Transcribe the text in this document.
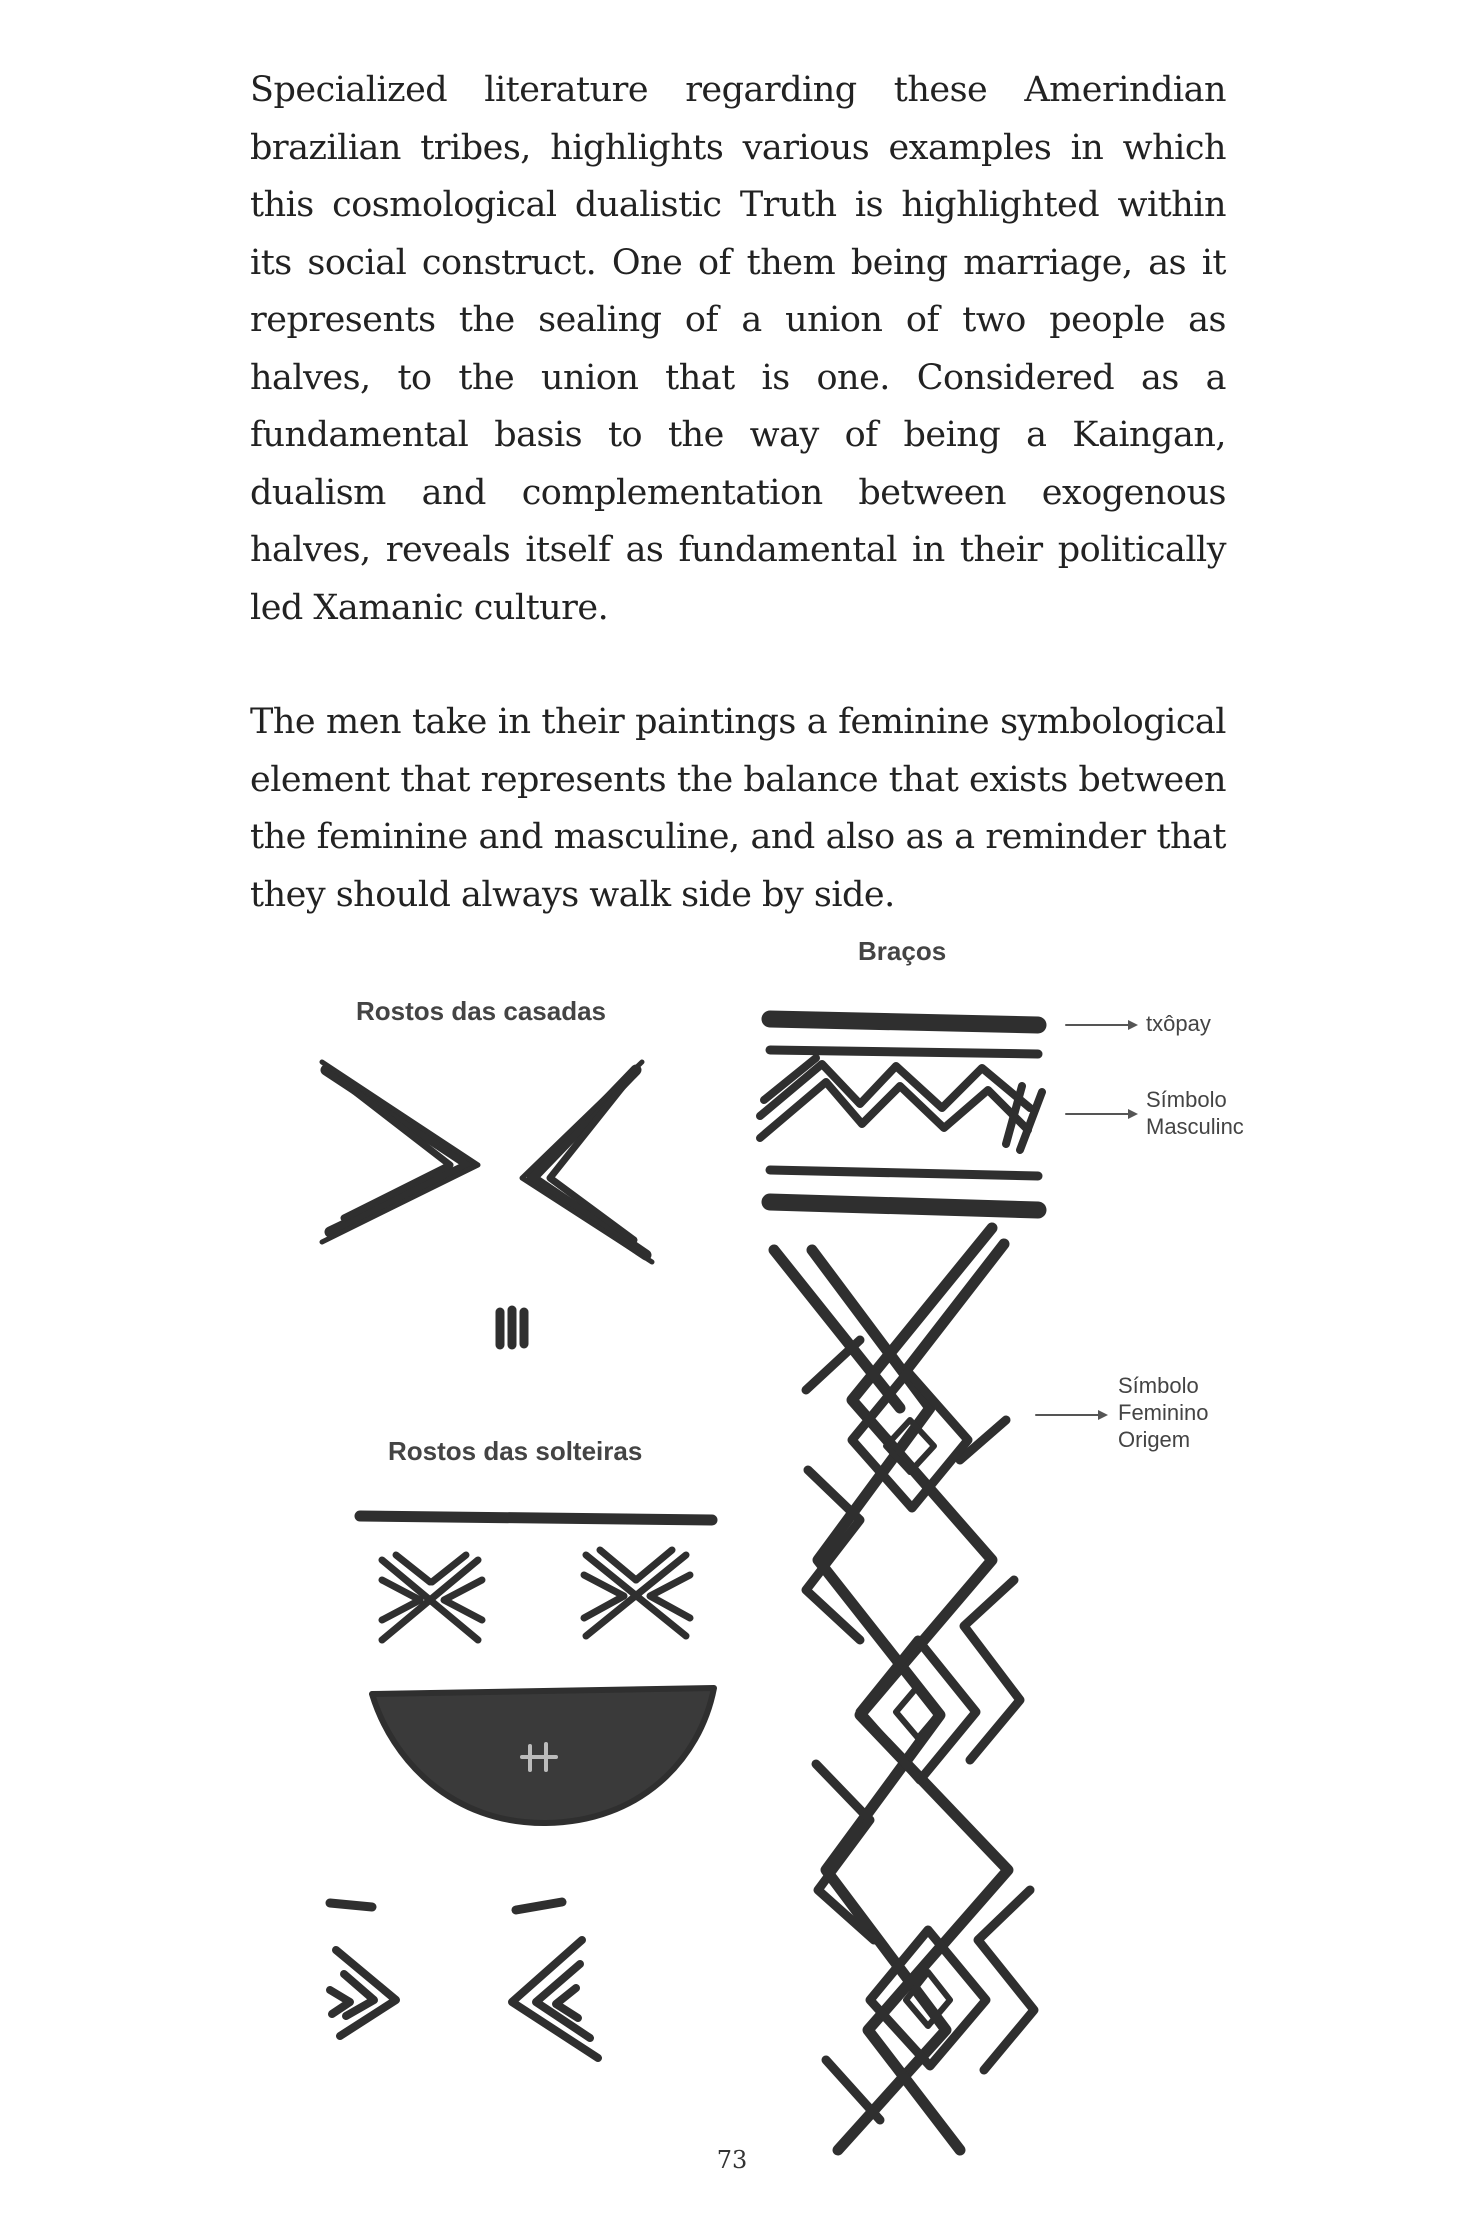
Specialized literature regarding these Amerindian brazilian tribes, highlights various examples in which this cosmological dualistic Truth is highlighted within its social construct. One of them being marriage, as it represents the sealing of a union of two people as halves, to the union that is one. Considered as a fundamental basis to the way of being a Kaingan, dualism and complementation between exogenous halves, reveals itself as fundamental in their politically led Xamanic culture.

The men take in their paintings a feminine symbological element that represents the balance that exists between the feminine and masculine, and also as a reminder that they should always walk side by side.

Rostos das casadas
Rostos das solteiras
Braços
txôpay
Símbolo
Masculinc
Símbolo
Feminino
Origem
73
